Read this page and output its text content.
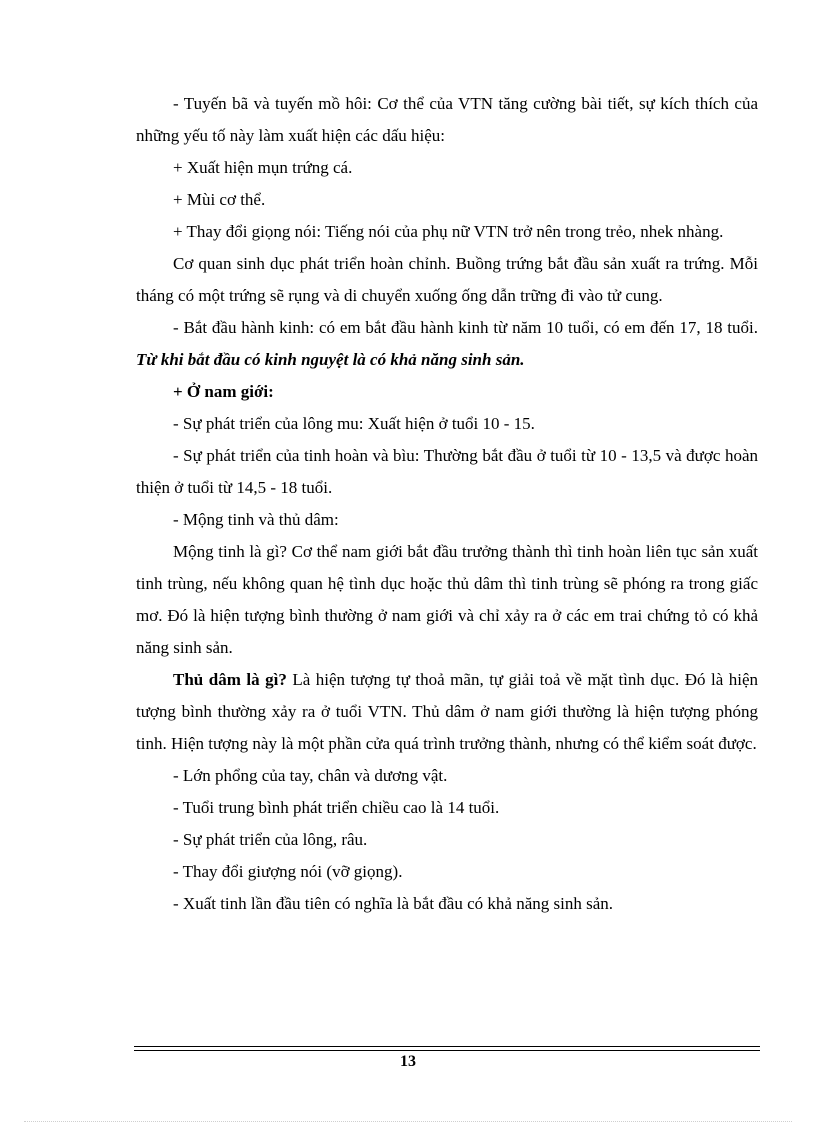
- Tuyến bã và tuyến mồ hôi: Cơ thể của VTN tăng cường bài tiết, sự kích thích của những yếu tố này làm xuất hiện các dấu hiệu:

+ Xuất hiện mụn trứng cá.

+ Mùi cơ thể.

+ Thay đổi giọng nói: Tiếng nói của phụ nữ VTN trở nên trong trẻo, nhek nhàng.

Cơ quan sinh dục phát triển hoàn chỉnh. Buồng trứng bắt đầu sản xuất ra trứng. Mỗi tháng có một trứng sẽ rụng và di chuyển xuống ống dẫn trững đi vào tử cung.

- Bắt đầu hành kinh: có em bắt đầu hành kinh từ năm 10 tuổi, có em đến 17, 18 tuổi. Từ khi bắt đầu có kinh nguyệt là có khả năng sinh sản.

+ Ở nam giới:

- Sự phát triển của lông mu: Xuất hiện ở tuổi 10 - 15.

- Sự phát triển của tinh hoàn và bìu: Thường bắt đầu ở tuổi từ 10 - 13,5 và được hoàn thiện ở tuổi từ 14,5 - 18 tuổi.

- Mộng tinh và thủ dâm:

Mộng tinh là gì? Cơ thể nam giới bắt đầu trưởng thành thì tinh hoàn liên tục sản xuất tinh trùng, nếu không quan hệ tình dục hoặc thủ dâm thì tinh trùng sẽ phóng ra trong giấc mơ. Đó là hiện tượng bình thường ở nam giới và chỉ xảy ra ở các em trai chứng tỏ có khả năng sinh sản.

Thủ dâm là gì? Là hiện tượng tự thoả mãn, tự giải toả về mặt tình dục. Đó là hiện tượng bình thường xảy ra ở tuổi VTN. Thủ dâm ở nam giới thường là hiện tượng phóng tinh. Hiện tượng này là một phần cửa quá trình trưởng thành, nhưng có thể kiểm soát được.

- Lớn phổng của tay, chân và dương vật.

- Tuổi trung bình phát triển chiều cao là 14 tuổi.

- Sự phát triển của lông, râu.

- Thay đổi giượng nói (vỡ giọng).

- Xuất tinh lần đầu tiên có nghĩa là bắt đầu có khả năng sinh sản.

13
